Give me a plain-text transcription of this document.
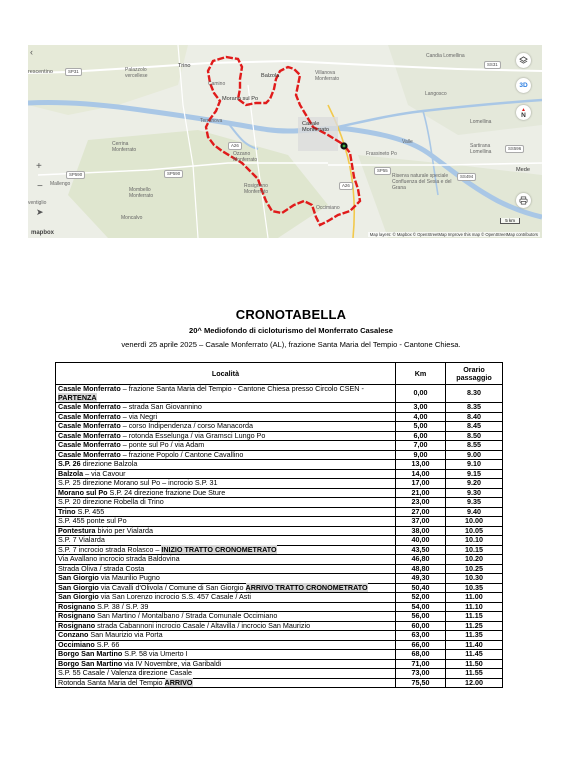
rescentino	Palazzolo vercellese
Trino
Balzola	Villanova Monferrato
Candia Lomellina
Morano sul Po
Terranova	Casale Monferrato
Valle
Langosco
Lomellina
Cerrina Monferrato
Ozzano Monferrato
Sartirana Lomellina
Mede
Mombello Monferrato
Rosignano Monferrato
Riserva naturale speciale Confluenza del Sesia e del Grana
Mallengo
Moncalvo
Occimiano
ventiglio
Camino
Frassineto Po
SP31
A26
SP590	SP590
A26
SS494
SS596
SS31
SP55
‹
+
−
➤
3D
▲
N
5 km
mapbox	Map layers: © Mapbox © OpenStreetMap Improve this map © OpenStreetMap contributors
CRONOTABELLA
20^ Mediofondo di cicloturismo del Monferrato Casalese
venerdì 25 aprile 2025 – Casale Monferrato (AL), frazione Santa Maria del Tempio - Cantone Chiesa.
Località	Km	Orario passaggio
Casale Monferrato – frazione Santa Maria del Tempio - Cantone Chiesa presso Circolo CSEN - PARTENZA	0,00	8.30
Casale Monferrato – strada San Giovannino	3,00	8.35
Casale Monferrato – via Negri	4,00	8.40
Casale Monferrato – corso Indipendenza / corso Manacorda	5,00	8.45
Casale Monferrato – rotonda Esselunga / via Gramsci Lungo Po	6,00	8.50
Casale Monferrato – ponte sul Po / via Adam	7,00	8.55
Casale Monferrato – frazione Popolo / Cantone Cavallino	9,00	9.00
S.P. 26 direzione Balzola	13,00	9.10
Balzola – via Cavour	14,00	9.15
S.P. 25 direzione Morano sul Po – incrocio S.P. 31	17,00	9.20
Morano sul Po S.P. 24 direzione frazione Due Sture	21,00	9.30
S.P. 20 direzione Robella di Trino	23,00	9.35
Trino S.P. 455	27,00	9.40
S.P. 455 ponte sul Po	37,00	10.00
Pontestura bivio per Vialarda	38,00	10.05
S.P. 7 Vialarda	40,00	10.10
S.P. 7 incrocio strada Rolasco – INIZIO TRATTO CRONOMETRATO	43,50	10.15
Via Avallano incrocio strada Baldovina	46,80	10.20
Strada Oliva / strada Costa	48,80	10.25
San Giorgio via Maurilio Pugno	49,30	10.30
San Giorgio via Cavalli d'Olivola / Comune di San Giorgio ARRIVO TRATTO CRONOMETRATO	50,40	10.35
San Giorgio via San Lorenzo incrocio S.S. 457 Casale / Asti	52,00	11.00
Rosignano S.P. 38 / S.P. 39	54,00	11.10
Rosignano San Martino / Montalbano / Strada Comunale Occimiano	56,00	11.15
Rosignano strada Cabannoni incrocio Casale / Altavilla / incrocio San Maurizio	60,00	11.25
Conzano San Maurizio via Porta	63,00	11.35
Occimiano S.P. 66	66,00	11.40
Borgo San Martino S.P. 58 via Umerto I	68,00	11.45
Borgo San Martino via IV Novembre, via Garibaldi	71,00	11.50
S.P. 55 Casale / Valenza direzione Casale	73,00	11.55
Rotonda Santa Maria del Tempio ARRIVO	75,50	12.00
